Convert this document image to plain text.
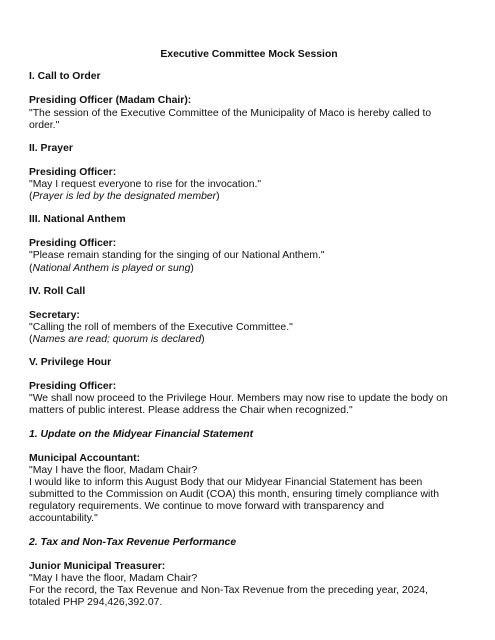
Executive Committee Mock Session
I. Call to Order
Presiding Officer (Madam Chair):
"The session of the Executive Committee of the Municipality of Maco is hereby called to
order."
II. Prayer
Presiding Officer:
"May I request everyone to rise for the invocation."
(Prayer is led by the designated member)
III. National Anthem
Presiding Officer:
"Please remain standing for the singing of our National Anthem."
(National Anthem is played or sung)
IV. Roll Call
Secretary:
"Calling the roll of members of the Executive Committee."
(Names are read; quorum is declared)
V. Privilege Hour
Presiding Officer:
"We shall now proceed to the Privilege Hour. Members may now rise to update the body on
matters of public interest. Please address the Chair when recognized."
1. Update on the Midyear Financial Statement
Municipal Accountant:
"May I have the floor, Madam Chair?
I would like to inform this August Body that our Midyear Financial Statement has been
submitted to the Commission on Audit (COA) this month, ensuring timely compliance with
regulatory requirements. We continue to move forward with transparency and
accountability."
2. Tax and Non-Tax Revenue Performance
Junior Municipal Treasurer:
"May I have the floor, Madam Chair?
For the record, the Tax Revenue and Non-Tax Revenue from the preceding year, 2024,
totaled PHP 294,426,392.07.
